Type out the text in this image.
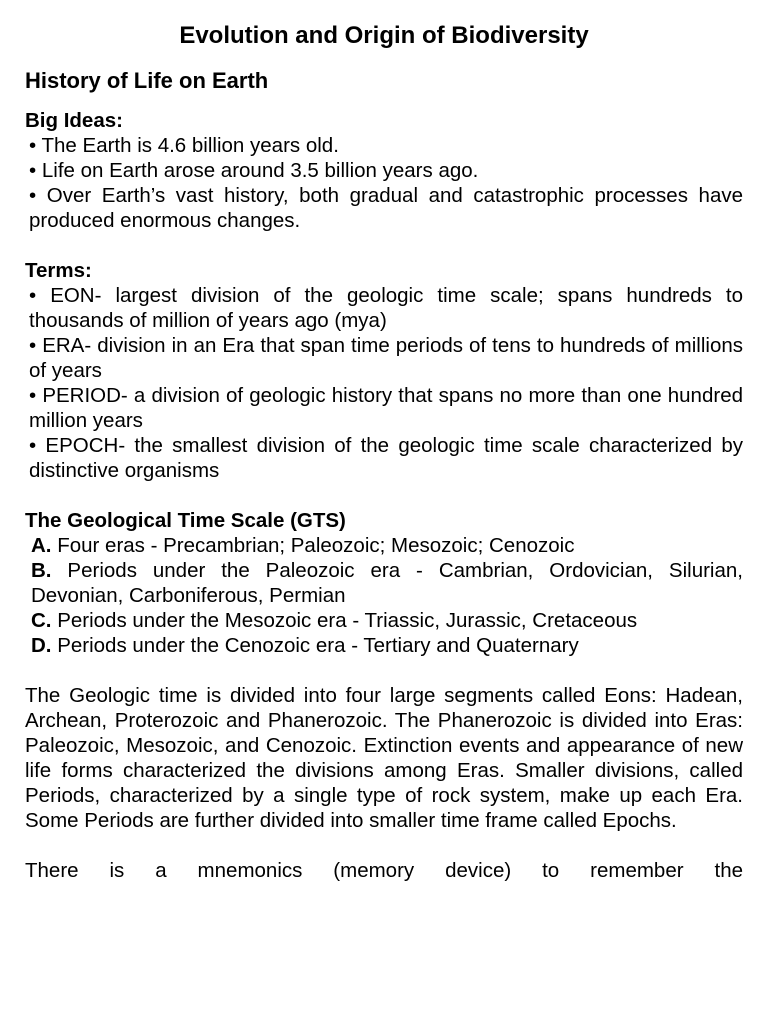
Evolution and Origin of Biodiversity
History of Life on Earth

Big Ideas:

• The Earth is 4.6 billion years old.

• Life on Earth arose around 3.5 billion years ago.

• Over Earth’s vast history, both gradual and catastrophic processes have produced enormous changes.

Terms:

• EON- largest division of the geologic time scale; spans hundreds to thousands of million of years ago (mya)

• ERA- division in an Era that span time periods of tens to hundreds of millions of years

• PERIOD- a division of geologic history that spans no more than one hundred million years

• EPOCH- the smallest division of the geologic time scale characterized by distinctive organisms

The Geological Time Scale (GTS)

A. Four eras - Precambrian; Paleozoic; Mesozoic; Cenozoic

B. Periods under the Paleozoic era - Cambrian, Ordovician, Silurian, Devonian, Carboniferous, Permian

C. Periods under the Mesozoic era - Triassic, Jurassic, Cretaceous

D. Periods under the Cenozoic era - Tertiary and Quaternary

The Geologic time is divided into four large segments called Eons: Hadean, Archean, Proterozoic and Phanerozoic. The Phanerozoic is divided into Eras: Paleozoic, Mesozoic, and Cenozoic. Extinction events and appearance of new life forms characterized the divisions among Eras. Smaller divisions, called Periods, characterized by a single type of rock system, make up each Era. Some Periods are further divided into smaller time frame called Epochs.

There is a mnemonics (memory device) to remember the
